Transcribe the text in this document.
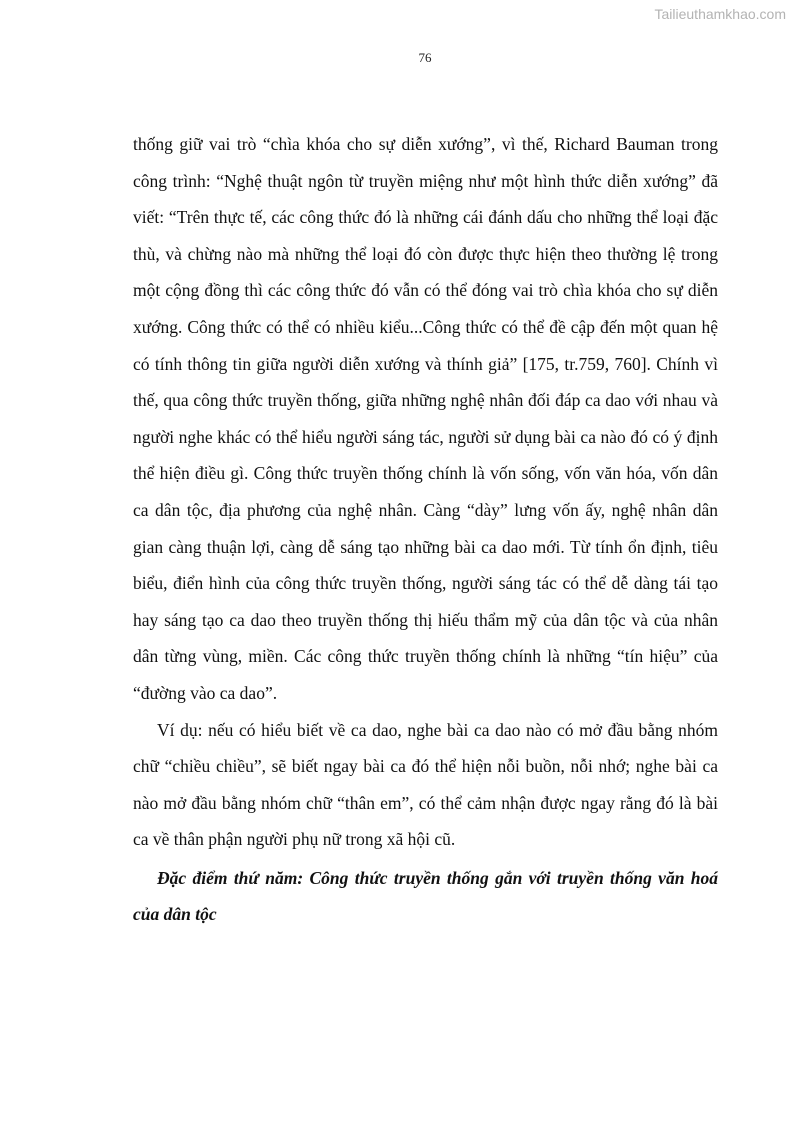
Tailieuthamkhao.com
76

thống giữ vai trò “chìa khóa cho sự diễn xướng”, vì thế, Richard Bauman trong công trình: “Nghệ thuật ngôn từ truyền miệng như một hình thức diễn xướng” đã viết: “Trên thực tế, các công thức đó là những cái đánh dấu cho những thể loại đặc thù, và chừng nào mà những thể loại đó còn được thực hiện theo thường lệ trong một cộng đồng thì các công thức đó vẫn có thể đóng vai trò chìa khóa cho sự diễn xướng. Công thức có thể có nhiều kiểu...Công thức có thể đề cập đến một quan hệ có tính thông tin giữa người diễn xướng và thính giả” [175, tr.759, 760]. Chính vì thế, qua công thức truyền thống, giữa những nghệ nhân đối đáp ca dao với nhau và người nghe khác có thể hiểu người sáng tác, người sử dụng bài ca nào đó có ý định thể hiện điều gì. Công thức truyền thống chính là vốn sống, vốn văn hóa, vốn dân ca dân tộc, địa phương của nghệ nhân. Càng “dày” lưng vốn ấy, nghệ nhân dân gian càng thuận lợi, càng dễ sáng tạo những bài ca dao mới. Từ tính ổn định, tiêu biểu, điển hình của công thức truyền thống, người sáng tác có thể dễ dàng tái tạo hay sáng tạo ca dao theo truyền thống thị hiếu thẩm mỹ của dân tộc và của nhân dân từng vùng, miền. Các công thức truyền thống chính là những “tín hiệu” của “đường vào ca dao”.

Ví dụ: nếu có hiểu biết về ca dao, nghe bài ca dao nào có mở đầu bằng nhóm chữ “chiều chiều”, sẽ biết ngay bài ca đó thể hiện nỗi buồn, nỗi nhớ; nghe bài ca nào mở đầu bằng nhóm chữ “thân em”, có thể cảm nhận được ngay rằng đó là bài ca về thân phận người phụ nữ trong xã hội cũ.

Đặc điểm thứ năm: Công thức truyền thống gắn với truyền thống văn hoá của dân tộc
